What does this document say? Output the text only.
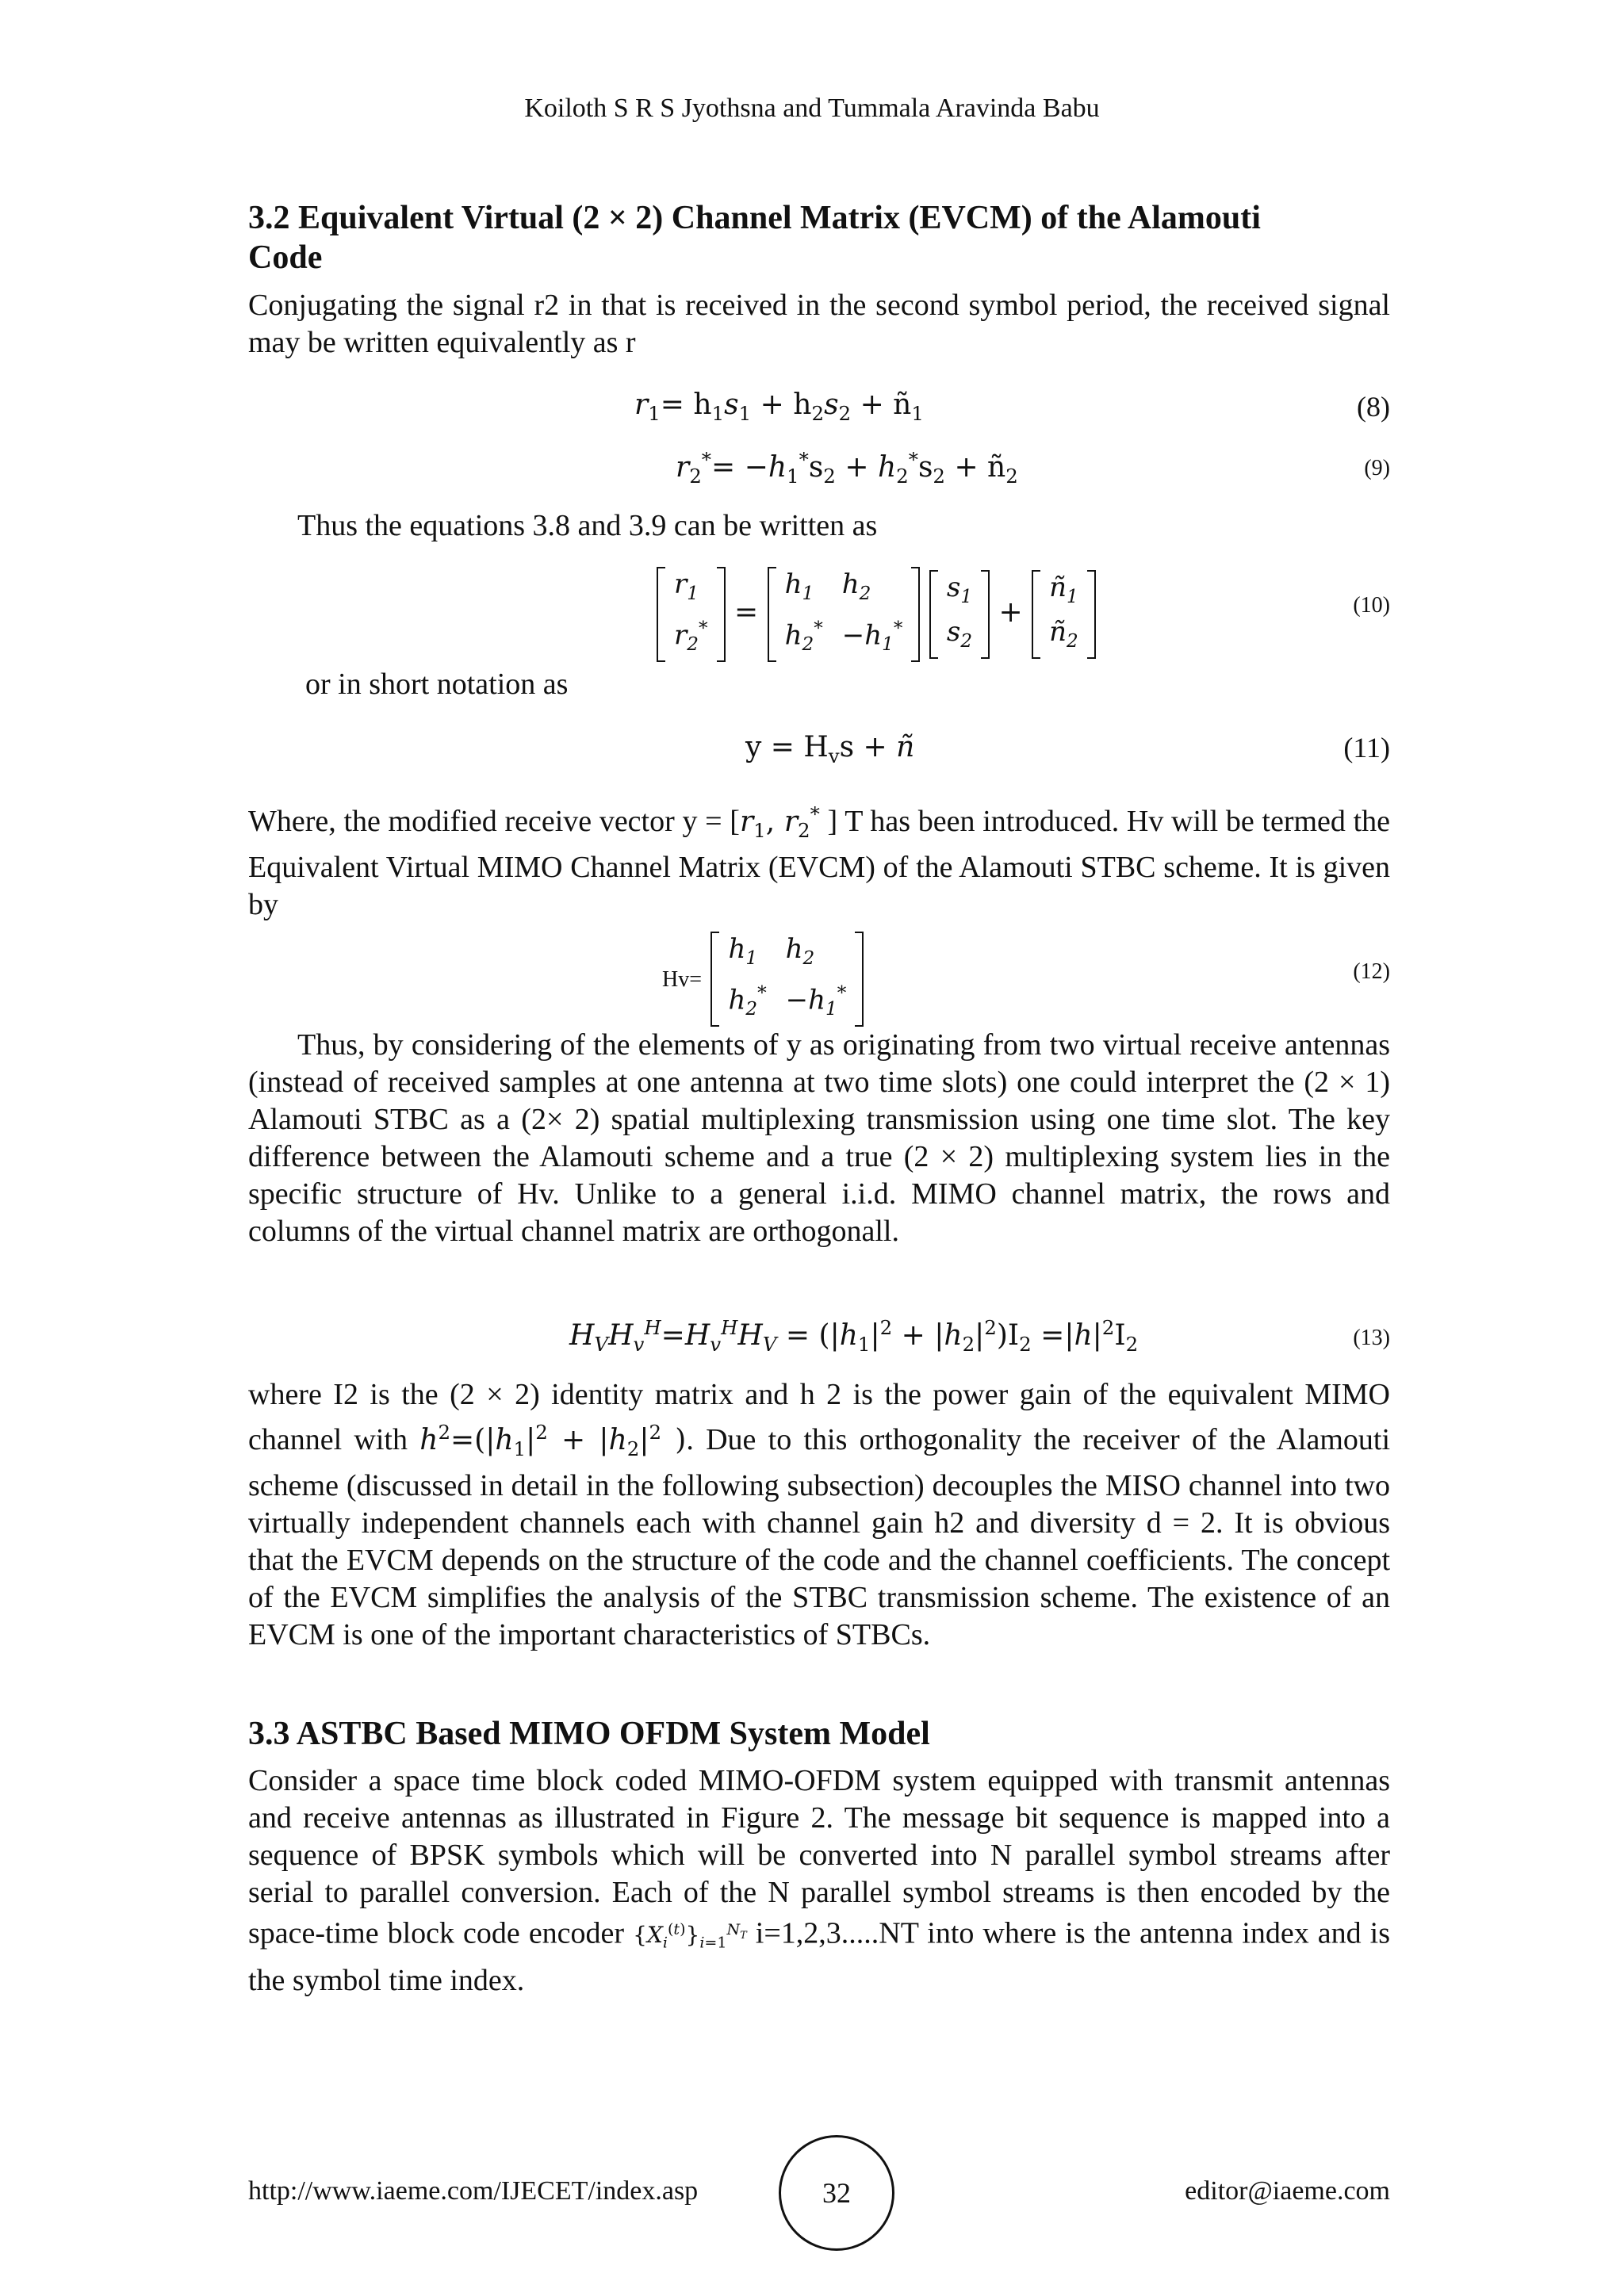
Koiloth S R S Jyothsna and Tummala Aravinda Babu
3.2 Equivalent Virtual (2 × 2) Channel Matrix (EVCM) of the Alamouti
Code
Conjugating the signal r2 in that is received in the second symbol period, the received signal may be written equivalently as r
$r_1= h_1s_1 + h_2s_2$ + $ñ_1$	(8)
$r_2^*= -h_1^*s_2 + h_2^*s_2$ + $ñ_2$	(9)
Thus the equations 3.8 and 3.9 can be written as
$r_1$
$r_2^*$ =
$h_1$	$h_2$
$h_2^*$	$-h_1^*$

$s_1$
$s_2$
+
$ñ_1$
$ñ_2$
(10)
or in short notation as
$y = H_vs$ + ñ	(11)
Where, the modified receive vector $y = [r_1$, $r_2^*$ ] T has been introduced. Hv will be termed the Equivalent Virtual MIMO Channel Matrix (EVCM) of the Alamouti STBC scheme. It is given by
Hv=
$h_1$	$h_2$
$h_2^*$	$-h_1^*$
(12)
Thus, by considering of the elements of y as originating from two virtual receive antennas (instead of received samples at one antenna at two time slots) one could interpret the (2 × 1) Alamouti STBC as a (2× 2) spatial multiplexing transmission using one time slot. The key difference between the Alamouti scheme and a true (2 × 2) multiplexing system lies in the specific structure of Hv. Unlike to a general i.i.d. MIMO channel matrix, the rows and columns of the virtual channel matrix are orthogonall.
$H_VH_v^H=H_v^HH_V = (|h_1|^2 + |h_2|^2)I_2 =|h|^2I_2$	(13)
where I2 is the (2 × 2) identity matrix and h 2 is the power gain of the equivalent MIMO channel with $h^2=(|h_1|^2 + |h_2|^2$ ). Due to this orthogonality the receiver of the Alamouti scheme (discussed in detail in the following subsection) decouples the MISO channel into two virtually independent channels each with channel gain h2 and diversity d = 2. It is obvious that the EVCM depends on the structure of the code and the channel coefficients. The concept of the EVCM simplifies the analysis of the STBC transmission scheme. The existence of an EVCM is one of the important characteristics of STBCs.
3.3 ASTBC Based MIMO OFDM System Model
Consider a space time block coded MIMO-OFDM system equipped with transmit antennas and receive antennas as illustrated in Figure 2. The message bit sequence is mapped into a sequence of BPSK symbols which will be converted into N parallel symbol streams after serial to parallel conversion. Each of the N parallel symbol streams is then encoded by the space-time block code encoder $\{X_i^{(t)}\}_{i=1}^{N_T}$ i=1,2,3.....NT into where is the antenna index and is the symbol time index.
http://www.iaeme.com/IJECET/index.asp	32	editor@iaeme.com
